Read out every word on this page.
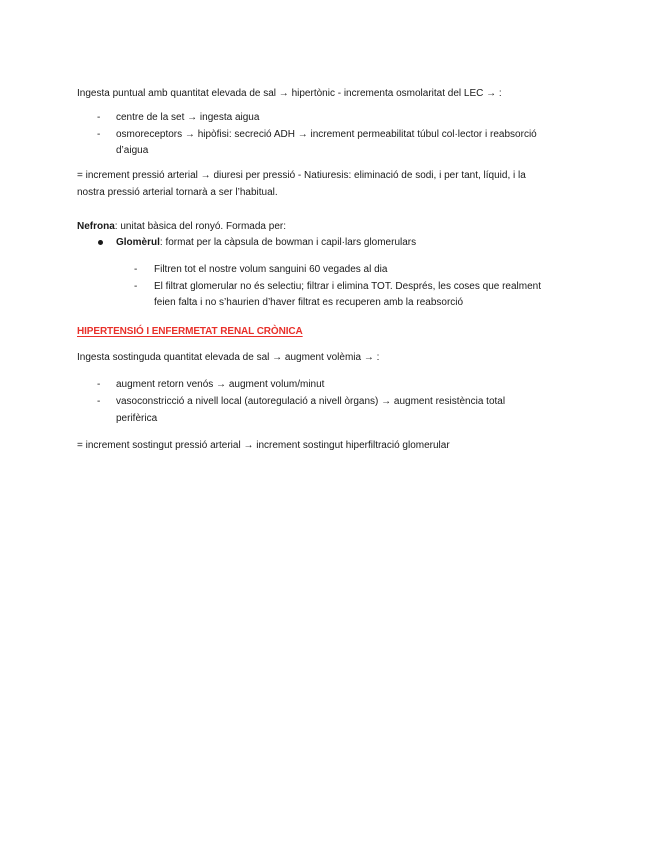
Ingesta puntual amb quantitat elevada de sal → hipertònic - incrementa osmolaritat del LEC → :
- centre de la set → ingesta aigua
- osmoreceptors → hipòfisi: secreció ADH → increment permeabilitat túbul col·lector i reabsorció
d’aigua
= increment pressió arterial → diuresi per pressió - Natiuresis: eliminació de sodi, i per tant, líquid, i la
nostra pressió arterial tornarà a ser l’habitual.
Nefrona: unitat bàsica del ronyó. Formada per:
Glomèrul: format per la càpsula de bowman i capil·lars glomerulars
- Filtren tot el nostre volum sanguini 60 vegades al dia
- El filtrat glomerular no és selectiu; filtrar i elimina TOT. Després, les coses que realment
feien falta i no s’haurien d’haver filtrat es recuperen amb la reabsorció
HIPERTENSIÓ I ENFERMETAT RENAL CRÒNICA
Ingesta sostinguda quantitat elevada de sal → augment volèmia → :
- augment retorn venós → augment volum/minut
- vasoconstricció a nivell local (autoregulació a nivell òrgans) → augment resistència total
perifèrica
= increment sostingut pressió arterial → increment sostingut hiperfiltració glomerular
